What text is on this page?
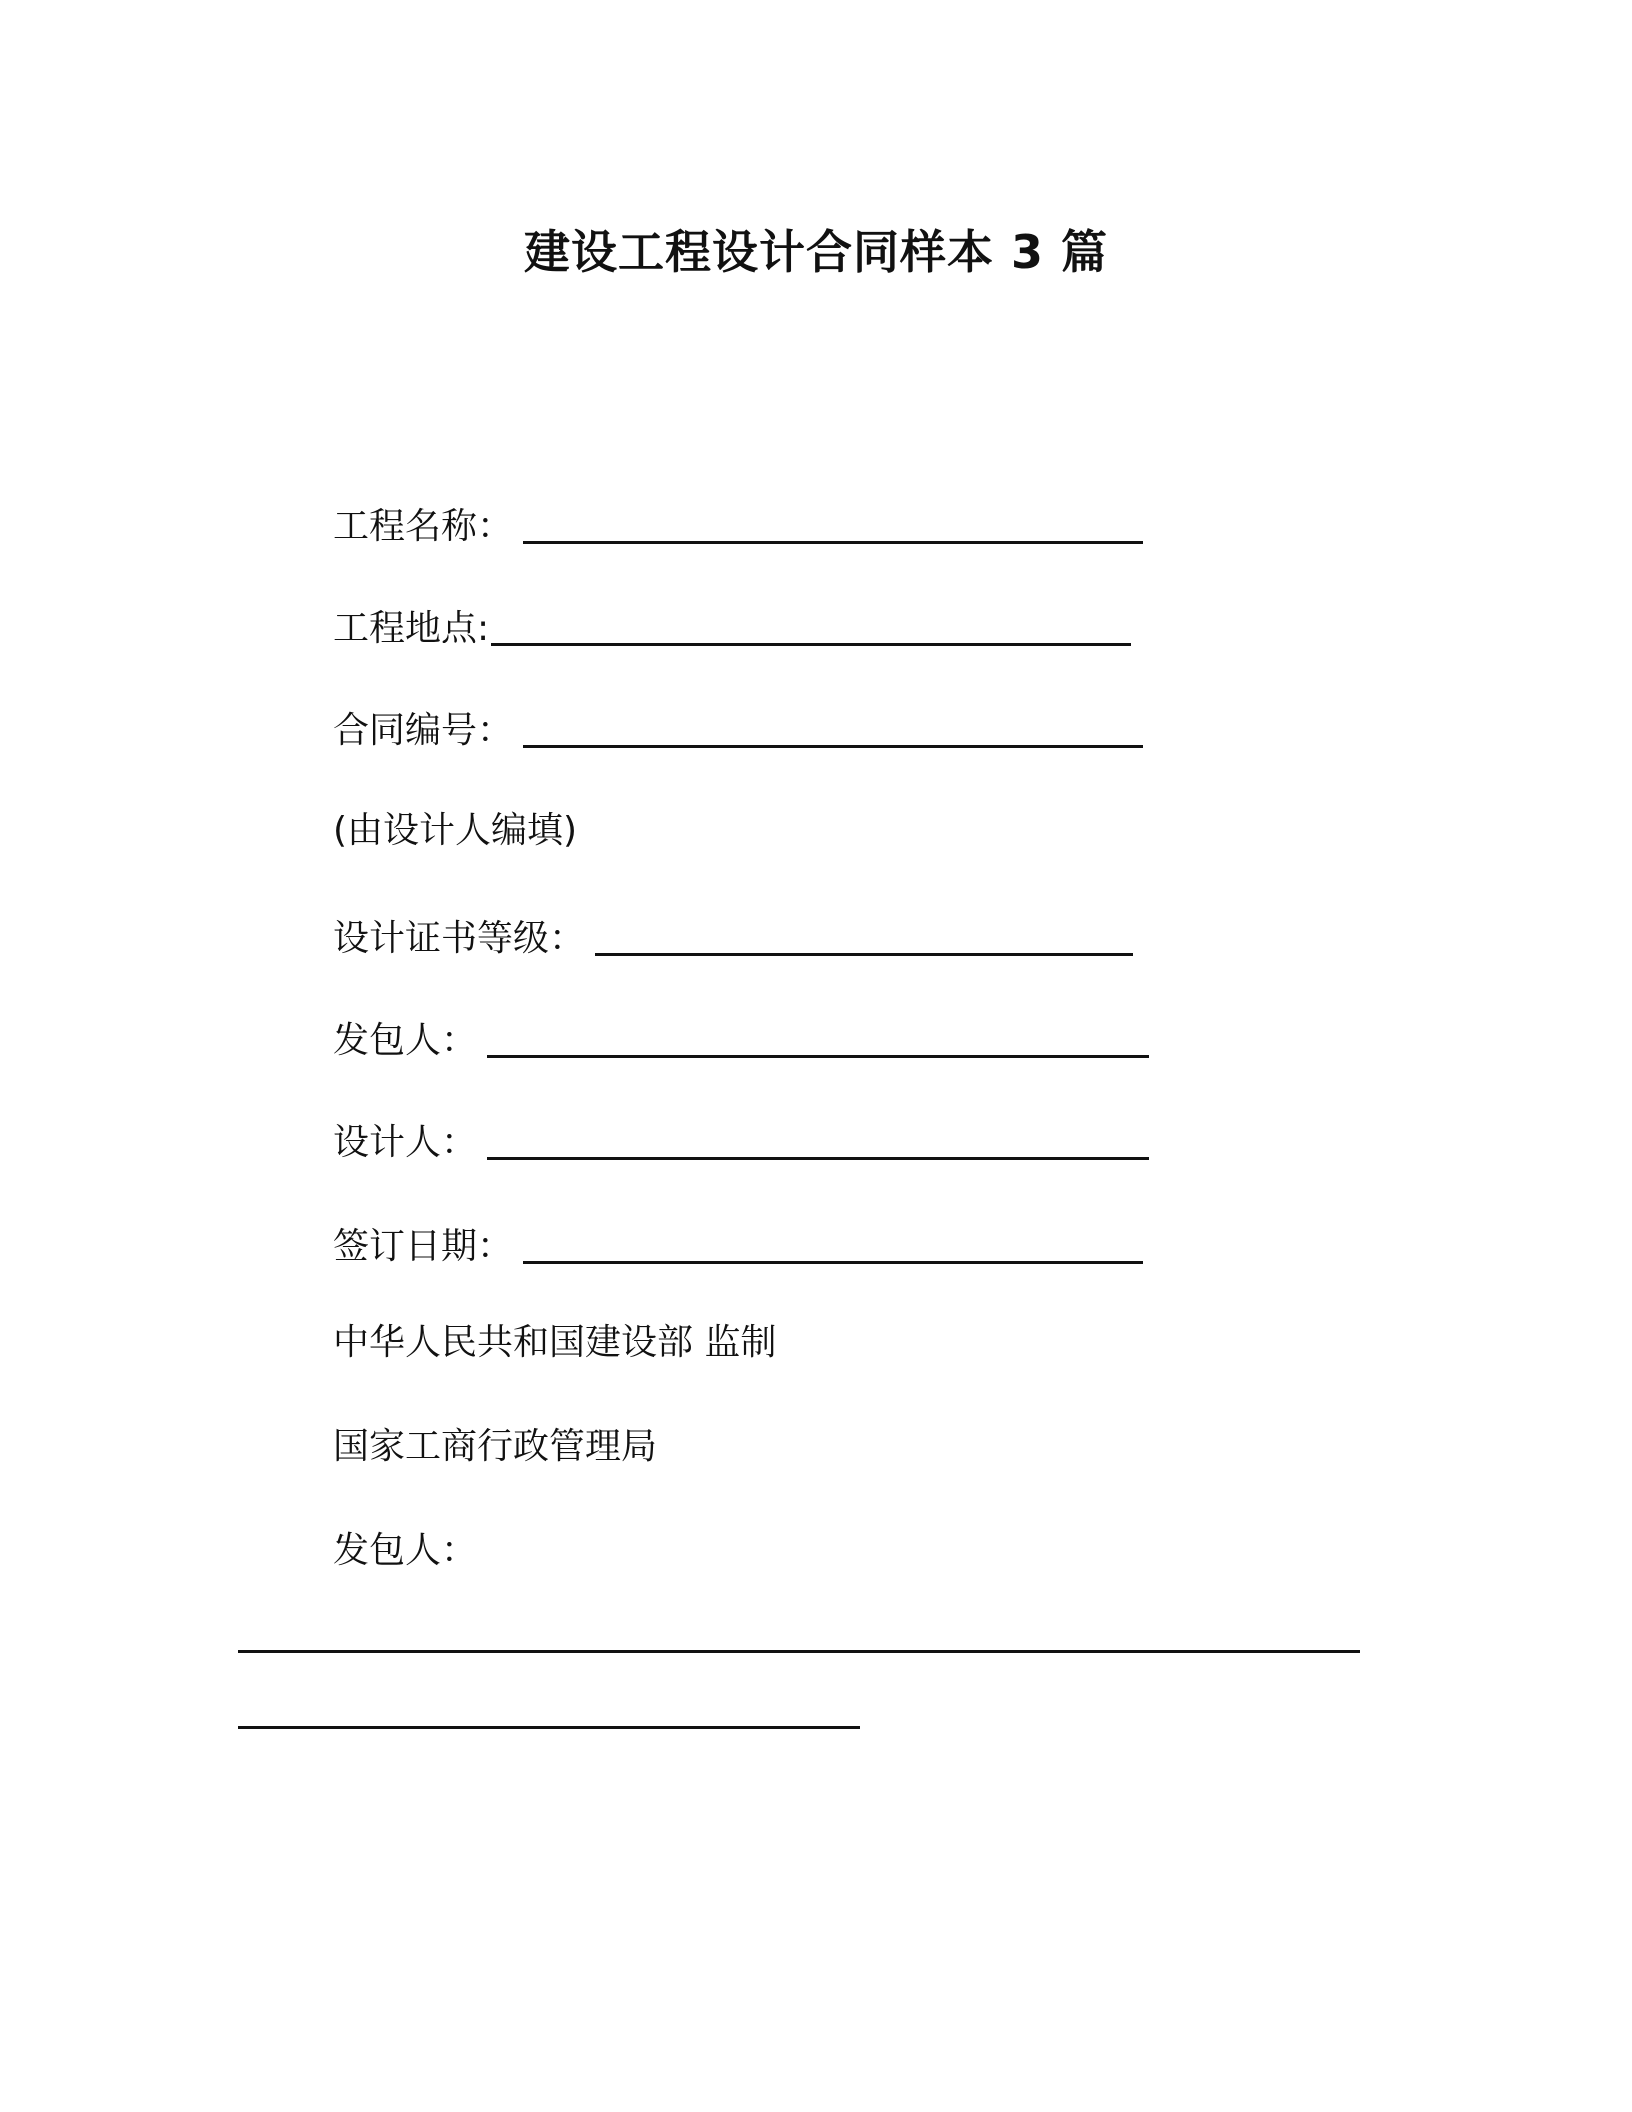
建设工程设计合同样本 3 篇
工程名称：
工程地点:
合同编号：
(由设计人编填)
设计证书等级：
发包人：
设计人：
签订日期：
中华人民共和国建设部 监制
国家工商行政管理局
发包人：
